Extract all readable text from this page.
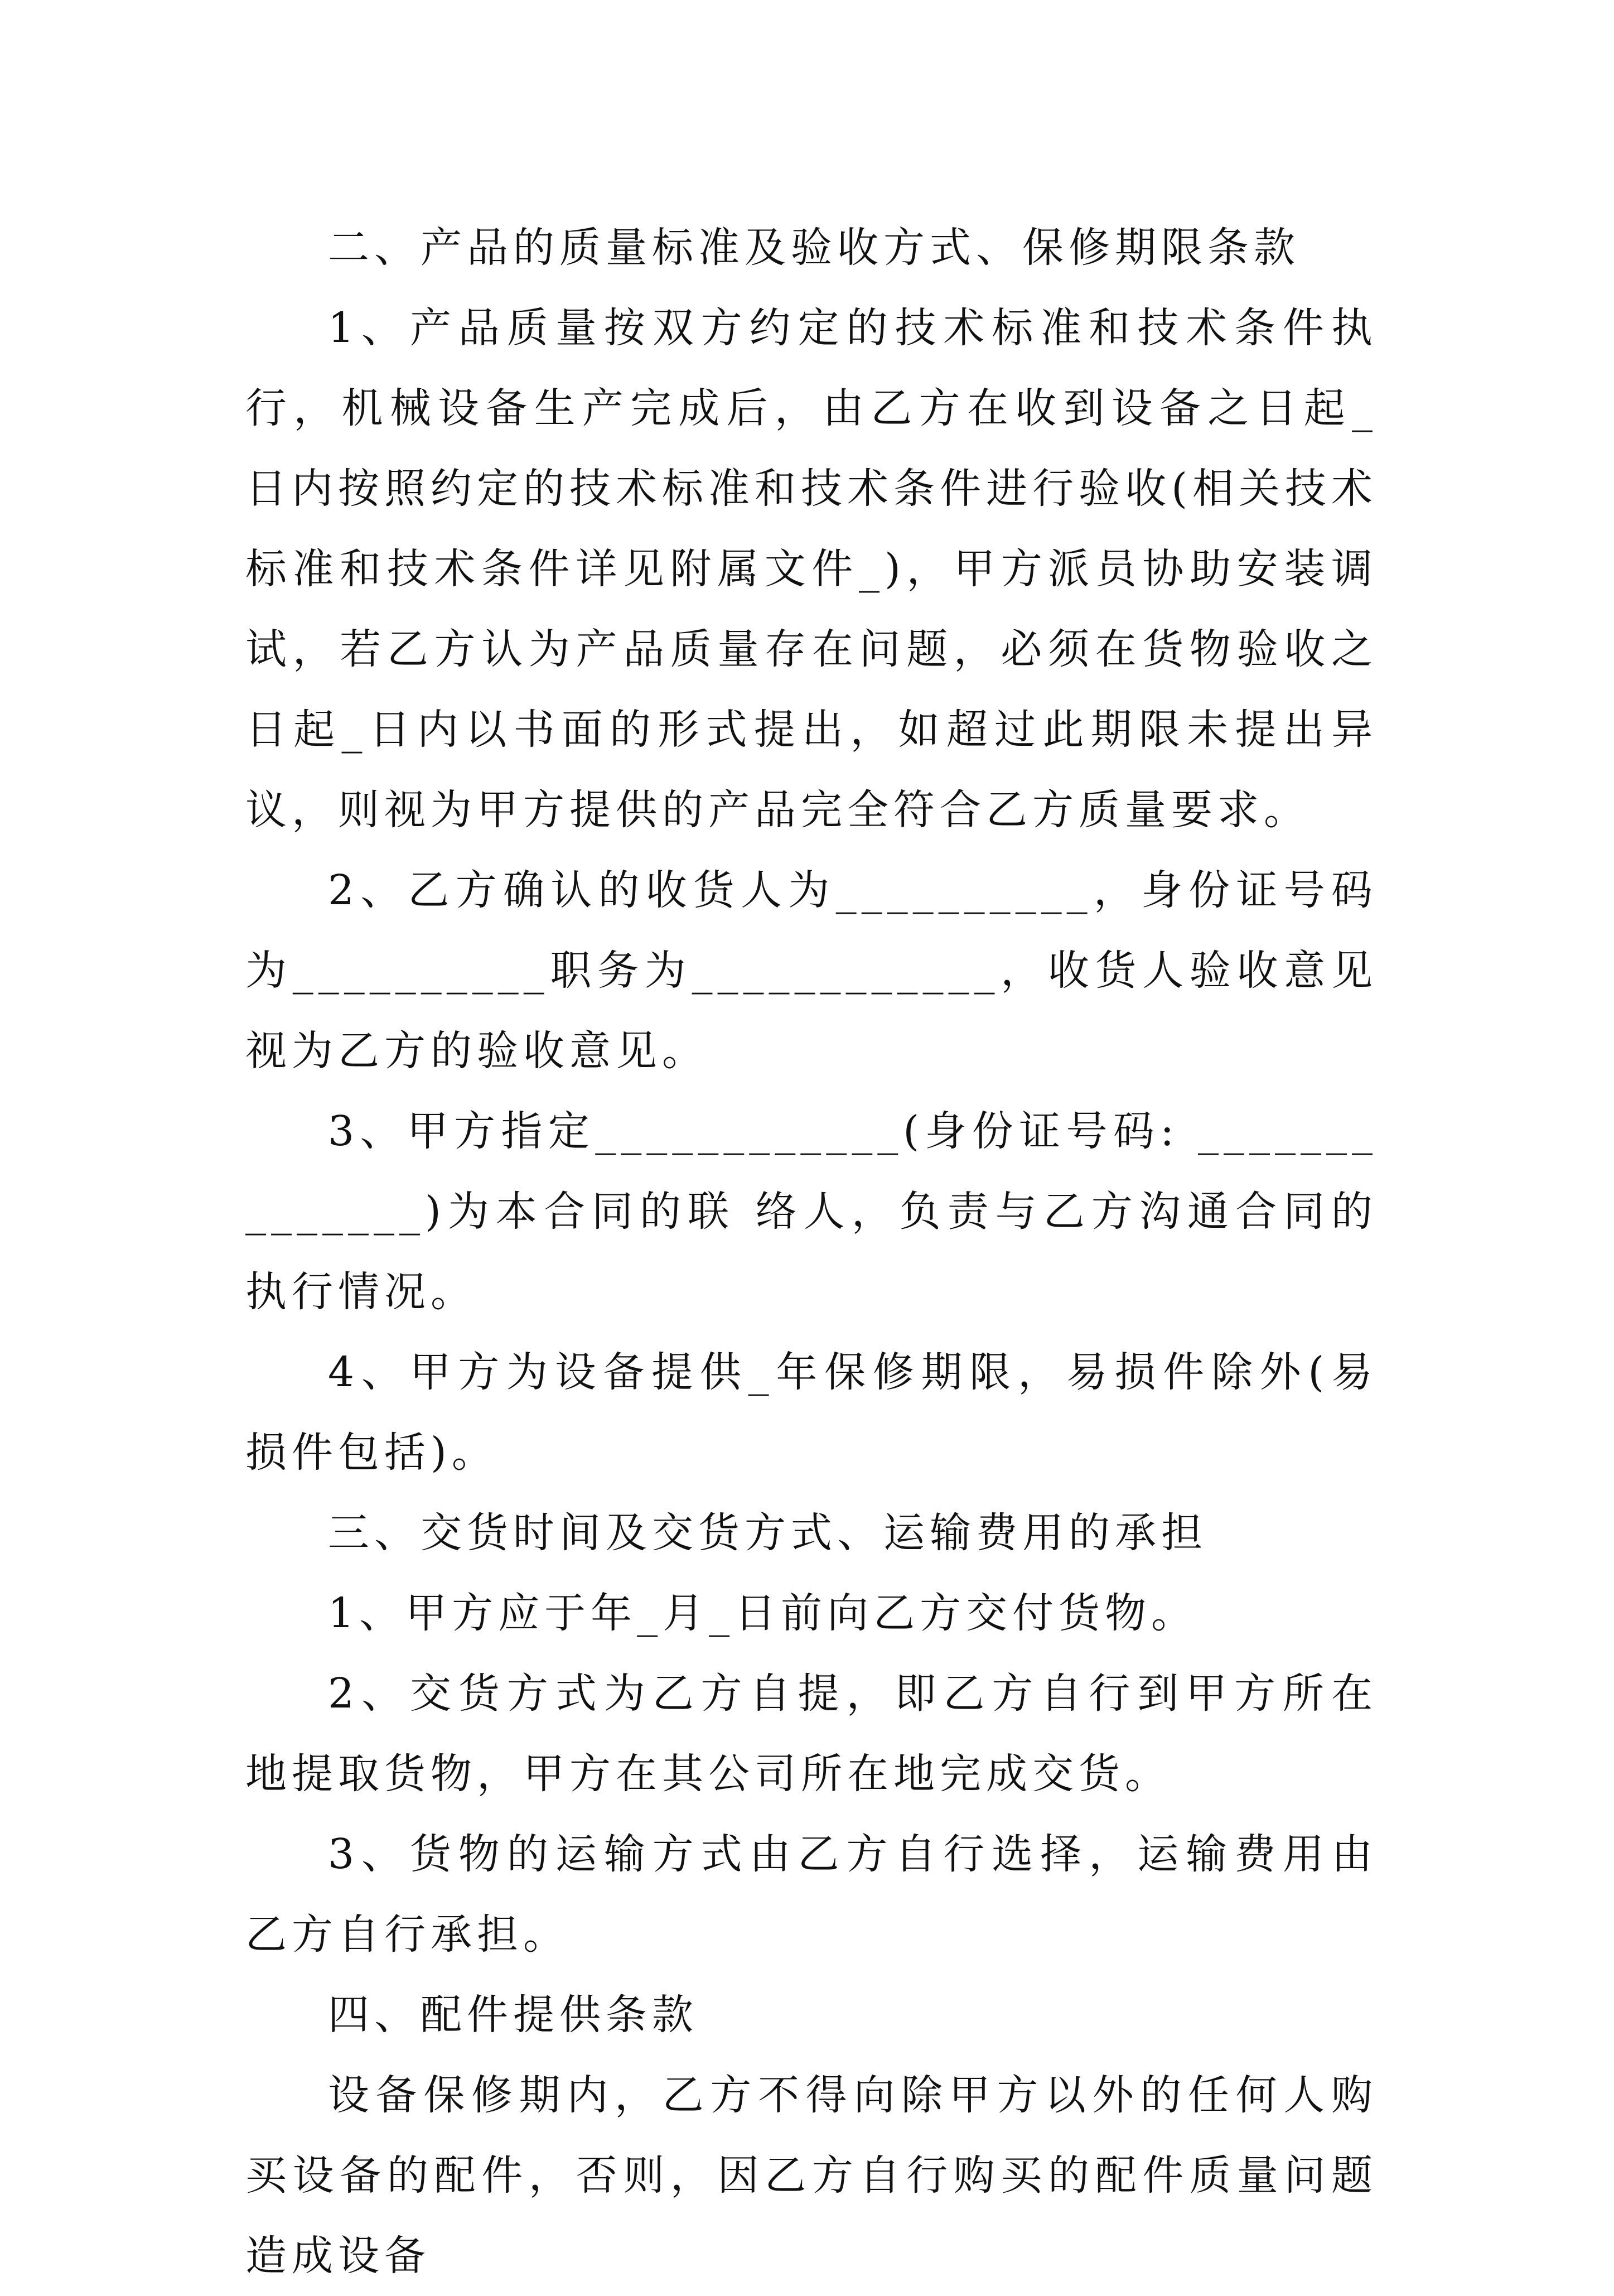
二、产品的质量标准及验收方式、保修期限条款

1、产品质量按双方约定的技术标准和技术条件执行，机械设备生产完成后，由乙方在收到设备之日起_日内按照约定的技术标准和技术条件进行验收(相关技术标准和技术条件详见附属文件_)，甲方派员协助安装调试，若乙方认为产品质量存在问题，必须在货物验收之日起_日内以书面的形式提出，如超过此期限未提出异议，则视为甲方提供的产品完全符合乙方质量要求。

2、乙方确认的收货人为__________，身份证号码为__________职务为____________，收货人验收意见视为乙方的验收意见。

3、甲方指定____________(身份证号码: ______________)为本合同的联 络人，负责与乙方沟通合同的执行情况。

4、甲方为设备提供_年保修期限，易损件除外(易损件包括)。

三、交货时间及交货方式、运输费用的承担

1、甲方应于年_月_日前向乙方交付货物。

2、交货方式为乙方自提，即乙方自行到甲方所在地提取货物，甲方在其公司所在地完成交货。

3、货物的运输方式由乙方自行选择，运输费用由乙方自行承担。

四、配件提供条款

设备保修期内，乙方不得向除甲方以外的任何人购买设备的配件，否则，因乙方自行购买的配件质量问题造成设备
